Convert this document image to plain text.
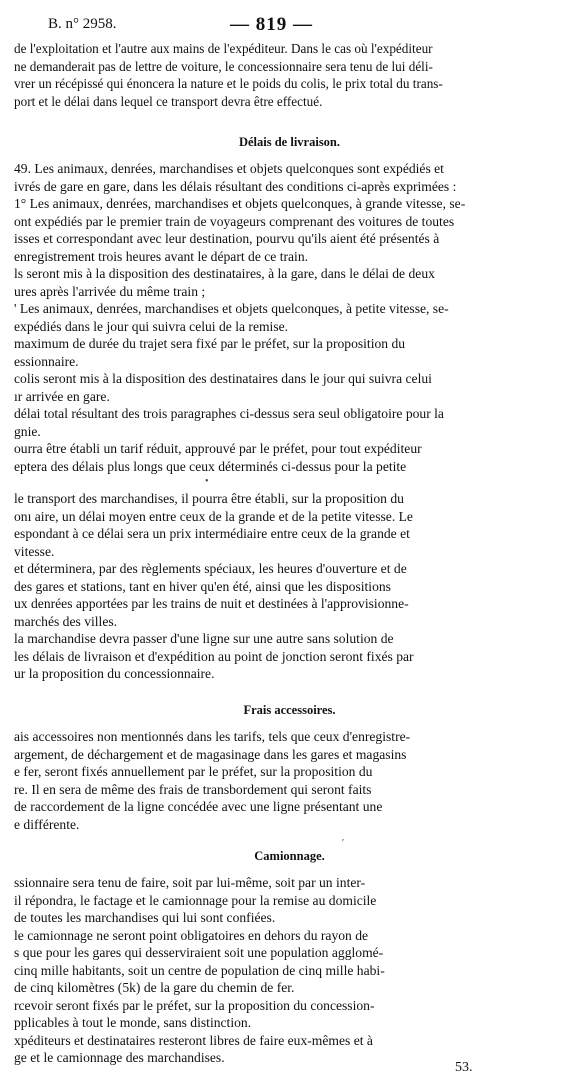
B. n° 2958.	— 819 —
de l'exploitation et l'autre aux mains de l'expéditeur. Dans le cas où l'expéditeur
ne demanderait pas de lettre de voiture, le concessionnaire sera tenu de lui déli-
vrer un récépissé qui énoncera la nature et le poids du colis, le prix total du trans-
port et le délai dans lequel ce transport devra être effectué.
Délais de livraison.
49. Les animaux, denrées, marchandises et objets quelconques sont expédiés et
ivrés de gare en gare, dans les délais résultant des conditions ci-après exprimées :
1° Les animaux, denrées, marchandises et objets quelconques, à grande vitesse, se-
ont expédiés par le premier train de voyageurs comprenant des voitures de toutes
isses et correspondant avec leur destination, pourvu qu'ils aient été présentés à
enregistrement trois heures avant le départ de ce train.
ls seront mis à la disposition des destinataires, à la gare, dans le délai de deux
ures après l'arrivée du même train ;
' Les animaux, denrées, marchandises et objets quelconques, à petite vitesse, se-
expédiés dans le jour qui suivra celui de la remise.
maximum de durée du trajet sera fixé par le préfet, sur la proposition du
essionnaire.
colis seront mis à la disposition des destinataires dans le jour qui suivra celui
ır arrivée en gare.
délai total résultant des trois paragraphes ci-dessus sera seul obligatoire pour la
gnie.
ourra être établi un tarif réduit, approuvé par le préfet, pour tout expéditeur
eptera des délais plus longs que ceux déterminés ci-dessus pour la petite
•
le transport des marchandises, il pourra être établi, sur la proposition du
onı aire, un délai moyen entre ceux de la grande et de la petite vitesse. Le
espondant à ce délai sera un prix intermédiaire entre ceux de la grande et
vitesse.
et déterminera, par des règlements spéciaux, les heures d'ouverture et de
des gares et stations, tant en hiver qu'en été, ainsi que les dispositions
ux denrées apportées par les trains de nuit et destinées à l'approvisionne-
marchés des villes.
la marchandise devra passer d'une ligne sur une autre sans solution de
les délais de livraison et d'expédition au point de jonction seront fixés par
ur la proposition du concessionnaire.
Frais accessoires.
ais accessoires non mentionnés dans les tarifs, tels que ceux d'enregistre-
argement, de déchargement et de magasinage dans les gares et magasins
e fer, seront fixés annuellement par le préfet, sur la proposition du
re. Il en sera de même des frais de transbordement qui seront faits
de raccordement de la ligne concédée avec une ligne présentant une
e différente.
ʹ
Camionnage.
ssionnaire sera tenu de faire, soit par lui-même, soit par un inter-
il répondra, le factage et le camionnage pour la remise au domicile
de toutes les marchandises qui lui sont confiées.
le camionnage ne seront point obligatoires en dehors du rayon de
s que pour les gares qui desserviraient soit une population agglomé-
cinq mille habitants, soit un centre de population de cinq mille habi-
de cinq kilomètres (5k) de la gare du chemin de fer.
rcevoir seront fixés par le préfet, sur la proposition du concession-
pplicables à tout le monde, sans distinction.
xpéditeurs et destinataires resteront libres de faire eux-mêmes et à
ge et le camionnage des marchandises.
53.
